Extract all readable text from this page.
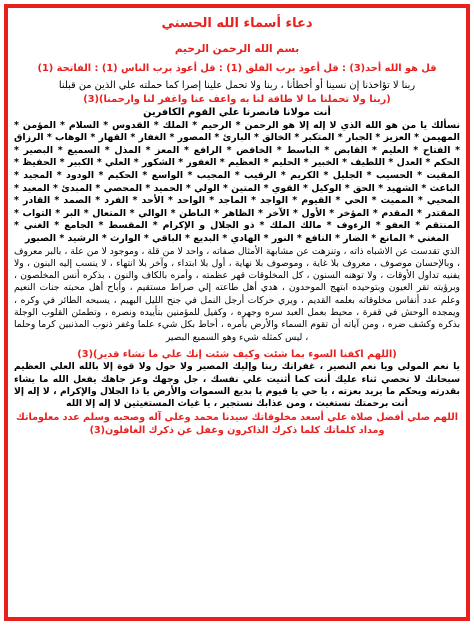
دعاء أسماء الله الحسني
بسم الله الرحمن الرحيم

قل هو الله أحد(3) : قل أعوذ برب الفلق (1) : قل أعوذ برب الناس (1) : الفاتحة (1)

ربنا لا تؤاخذنا إن نسينا أو أخطأنا ، ربنا ولا تحمل علينا إصرا كما حملته علي الذين من قبلنا

(ربنا ولا تحملنا ما لا طاقة لنا به واعف عنا واغفر لنا وارحمنا)(3)

أنت مولانا فانصرنا علي القوم الكافرين

نسألك يا من هو الله الذي لا إله إلا هو الرحمن * الرحيم * الملك * القدوس * السلام * المؤمن * المهيمن * العزيز * الجبار * المتكبر * الخالق * البارئ * المصور * الغفار * القهار * الوهاب * الرزاق * الفتاح * العليم * القابض * الباسط * الخافض * الرافع * المعز * المذل * السميع * البصير * الحكم * العدل * اللطيف * الخبير * الحليم * العظيم * الغفور * الشكور * العلي * الكبير * الحفيظ * المقيت * الحسيب * الجليل * الكريم * الرقيب * المجيب * الواسع * الحكيم * الودود * المجيد * الباعث * الشهيد * الحق * الوكيل * القوي * المتين * الولي * الحميد * المحصي * المبدئ * المعيد * المحيي * المميت * الحي * القيوم * الواجد * الماجد * الواحد * الأحد * الفرد * الصمد * القادر * المقتدر * المقدم * المؤخر * الأول * الآخر * الظاهر * الباطن * الوالي * المتعال * البر * التواب * المنتقم * العفو * الرءوف * مالك الملك * ذو الجلال و الإكرام * المقسط * الجامع * الغني * المغني * المانع * الضار * النافع * النور * الهادي * البديع * الباقي * الوارث * الرشيد * الصبور

الذي تقدست عن الاشباه ذاته ، وتنزهت عن مشابهة الأمثال صفاته ، واحد لا من قلة ، وموجود لا من علة ، بالبر معروف ، وبالإحسان موصوف ، معروف بلا غاية ، وموصوف بلا نهاية ، أول بلا ابتداء ، وآخر بلا انتهاء ، لا ينسب إليه البنون ، ولا يفنيه تداول الأوقات ، ولا توهنه السنون ، كل المخلوقات قهر عظمته ، وأمره بالكاف والنون ، بذكره أنس المخلصون ، وبرؤيته تقر العيون وبتوحيده ابتهج الموحدون ، هدي أهل طاعته إلي صراط مستقيم ، وأباح أهل محبته جنات النعيم وعلم عدد أنفاس مخلوقاته بعلمه القديم ، ويري حركات أرجل النمل في جنح الليل البهيم ، يسبحه الطائر في وكره ، ويمجده الوحش في قفرة ، محيط بعمل العبد سره وجهره ، وكفيل للمؤمنين بتأييده ونصره ، وتطمئن القلوب الوجلة بذكره وكشف ضره ، ومن آياته أن تقوم السماء والأرض بأمره ، أحاط بكل شيء علما وغفر ذنوب المذنبين كرما وحلما ، ليس كمثله شيء وهو السميع البصير

(اللهم اكفنا السوء بما شئت وكيف شئت إنك علي ما تشاء قدير)(3)

يا نعم المولي ويا نعم النصير ، غفرانك ربنا وإليك المصير ولا حول ولا قوة إلا بالله العلي العظيم سبحانك لا نحصي ثناء عليك أنت كما أثنيت علي نفسك ، جل وجهك وعز جاهك يفعل الله ما يشاء بقدرته ويحكم ما يريد بعزته ، يا حي يا قيوم يا بديع السموات والأرض يا ذا الجلال والإكرام ، لا إله إلا أنت برحمتك نستغيث ، ومن عذابك نستجير ، يا غياث المستغيثين لا إله إلا الله

اللهم صلي أفضل صلاة علي أسعد مخلوقاتك سيدنا محمد وعلي آله وصحبه وسلم عدد معلوماتك ومداد كلماتك كلما ذكرك الذاكرون وغفل عن ذكرك الغافلون(3)
